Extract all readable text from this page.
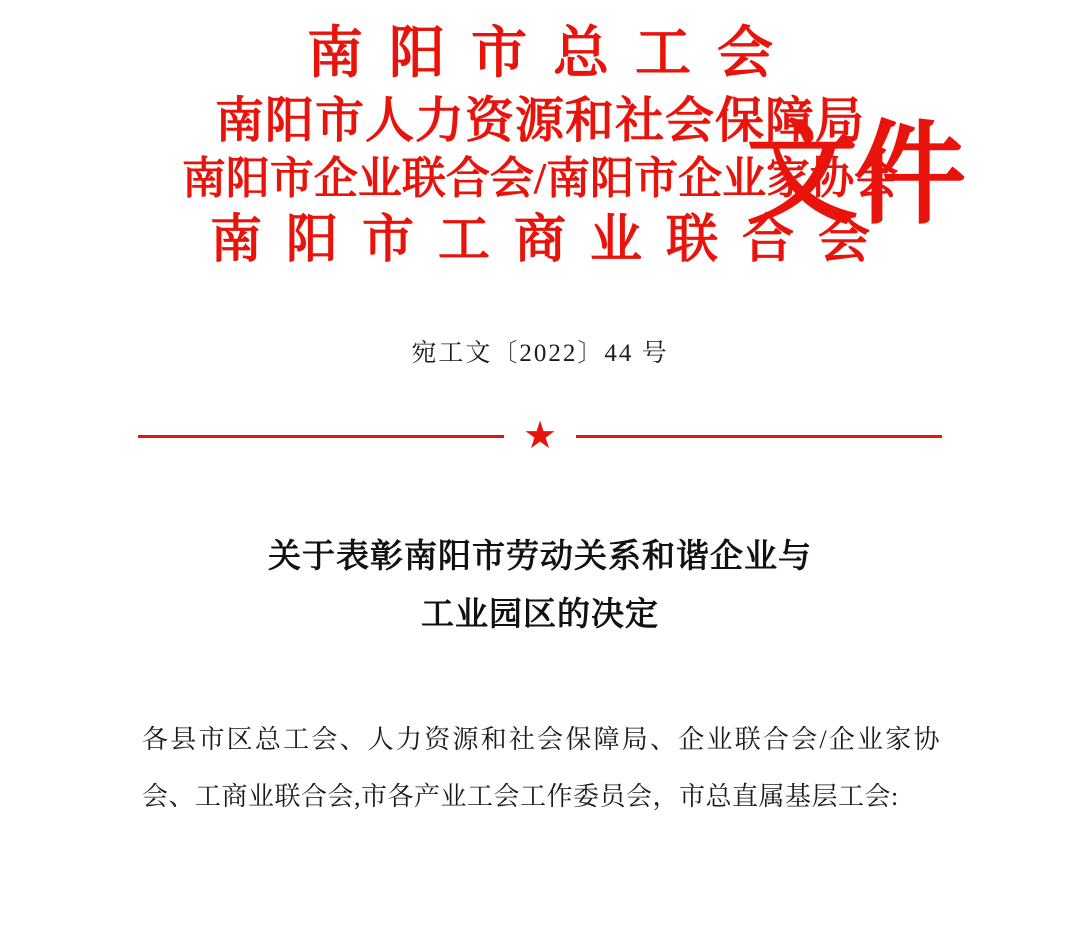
南阳市总工会
南阳市人力资源和社会保障局
南阳市企业联合会/南阳市企业家协会
南阳市工商业联合会
文件
宛工文〔2022〕44 号
★
关于表彰南阳市劳动关系和谐企业与
工业园区的决定

各县市区总工会、人力资源和社会保障局、企业联合会/企业家协会、工商业联合会,市各产业工会工作委员会，市总直属基层工会:
